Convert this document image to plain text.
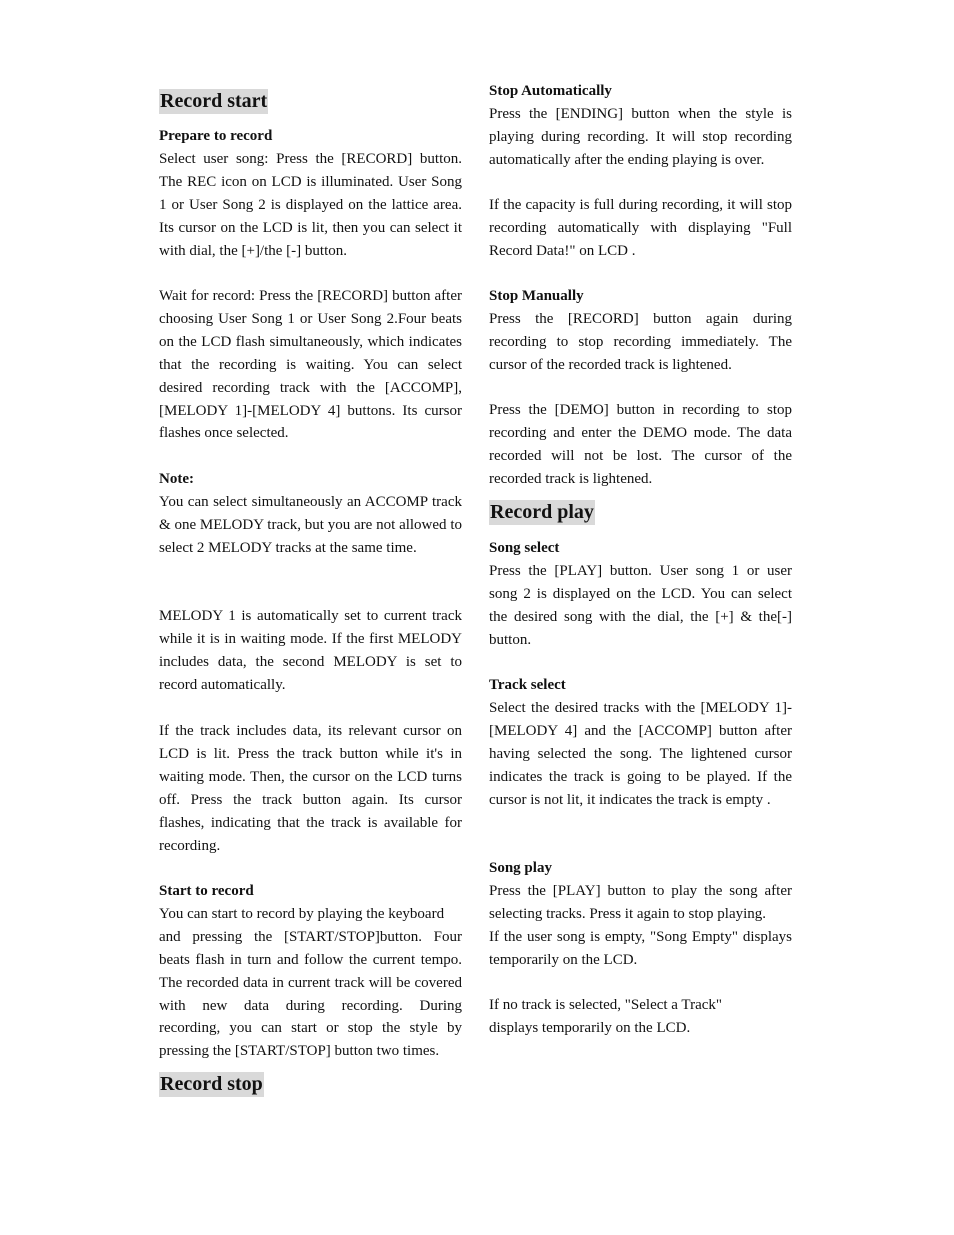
Record start
Prepare to record

Select user song: Press the [RECORD] button. The REC icon on LCD is illuminated. User Song 1 or User Song 2 is displayed on the lattice area. Its cursor on the LCD is lit, then you can select it with dial, the [+]/the [-] button.

Wait for record: Press the [RECORD] button after choosing User Song 1 or User Song 2.Four beats on the LCD flash simultaneously, which indicates that the recording is waiting. You can select desired recording track with the [ACCOMP],[MELODY 1]-[MELODY 4] buttons. Its cursor flashes once selected.

Note:

You can select simultaneously an ACCOMP track & one MELODY track, but you are not allowed to select 2 MELODY tracks at the same time.

MELODY 1 is automatically set to current track while it is in waiting mode. If the first MELODY includes data, the second MELODY is set to record automatically.

If the track includes data, its relevant cursor on LCD is lit. Press the track button while it's in waiting mode. Then, the cursor on the LCD turns off. Press the track button again. Its cursor flashes, indicating that the track is available for recording.

Start to record

You can start to record by playing the keyboard

and pressing the [START/STOP]button. Four beats flash in turn and follow the current tempo. The recorded data in current track will be covered with new data during recording. During recording, you can start or stop the style by pressing the [START/STOP] button two times.

Record stop
Stop Automatically

Press the [ENDING] button when the style is playing during recording. It will stop recording automatically after the ending playing is over.

If the capacity is full during recording, it will stop recording automatically with displaying "Full Record Data!" on LCD .

Stop Manually

Press the [RECORD] button again during recording to stop recording immediately. The cursor of the recorded track is lightened.

Press the [DEMO] button in recording to stop recording and enter the DEMO mode. The data recorded will not be lost. The cursor of the recorded track is lightened.

Record play
Song select

Press the [PLAY] button. User song 1 or user song 2 is displayed on the LCD. You can select the desired song with the dial, the [+] & the[-] button.

Track select

Select the desired tracks with the [MELODY 1]-[MELODY 4] and the [ACCOMP] button after having selected the song. The lightened cursor indicates the track is going to be played. If the cursor is not lit, it indicates the track is empty .

Song play

Press the [PLAY] button to play the song after selecting tracks. Press it again to stop playing.

If the user song is empty, "Song Empty" displays temporarily on the LCD.

If no track is selected, "Select a Track"

displays temporarily on the LCD.
